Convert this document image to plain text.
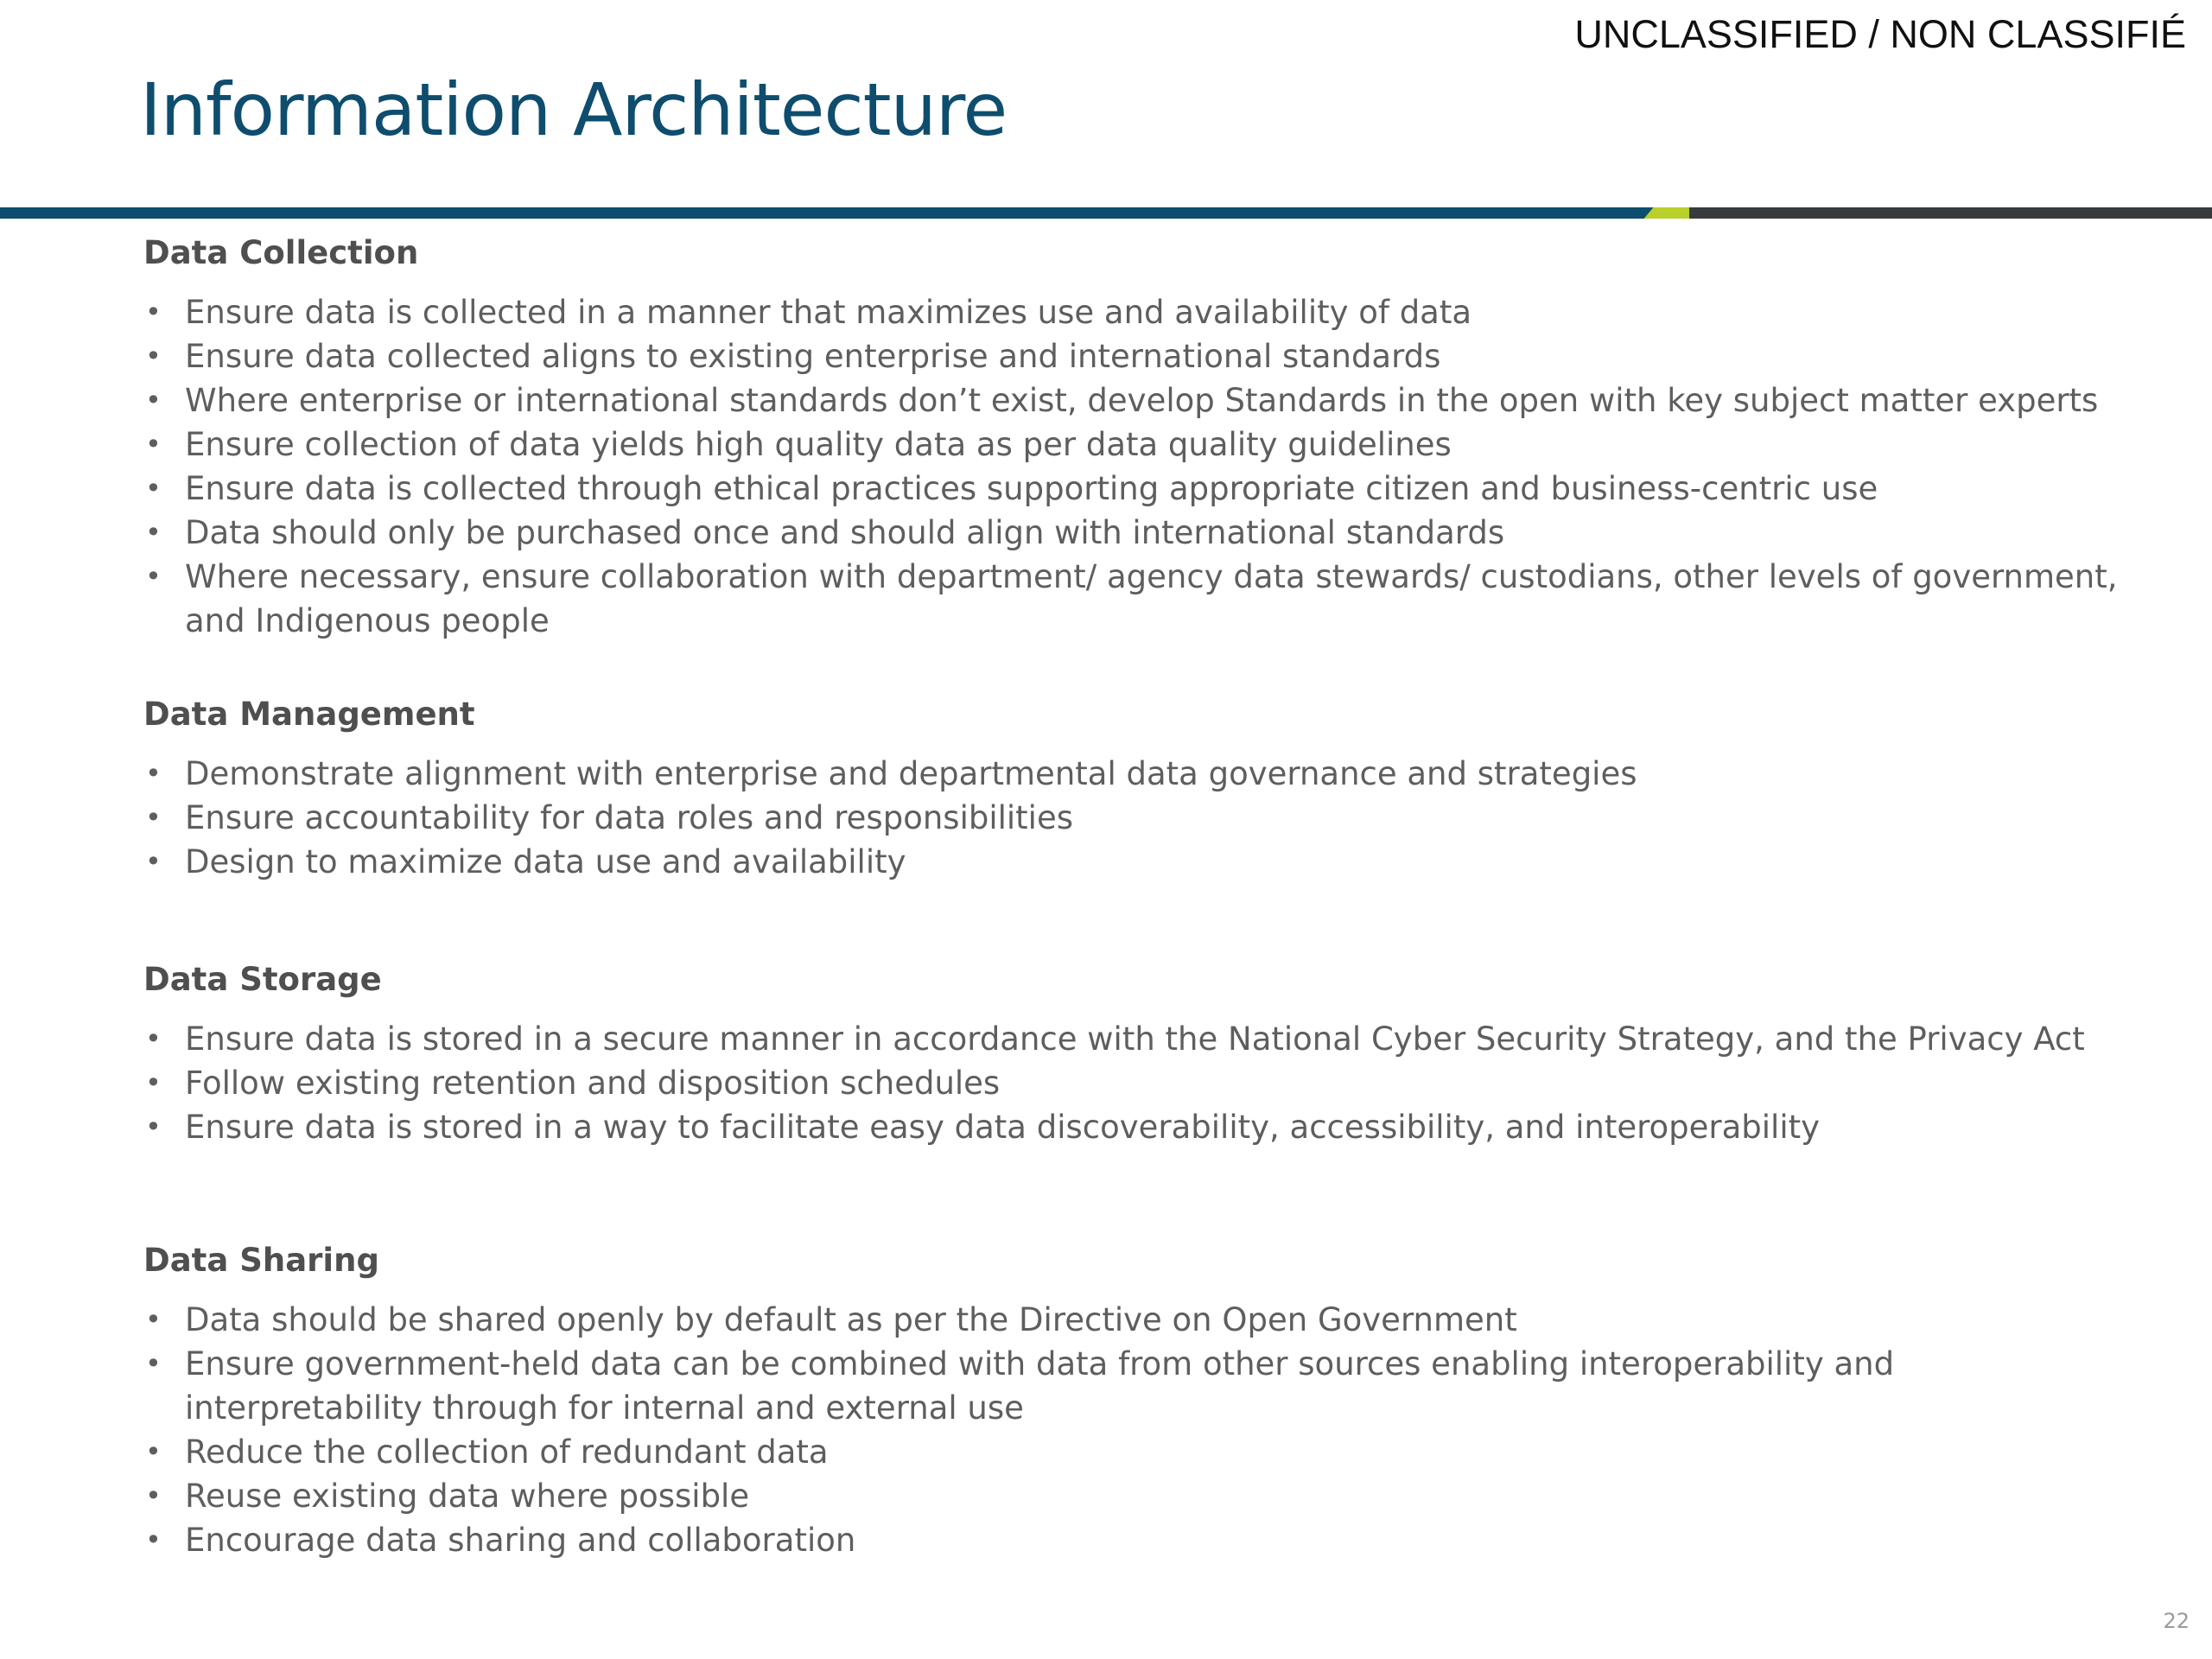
UNCLASSIFIED / NON CLASSIFIÉ
Information Architecture
Data Collection
• Ensure data is collected in a manner that maximizes use and availability of data
• Ensure data collected aligns to existing enterprise and international standards
• Where enterprise or international standards don’t exist, develop Standards in the open with key subject matter experts
• Ensure collection of data yields high quality data as per data quality guidelines
• Ensure data is collected through ethical practices supporting appropriate citizen and business-centric use
• Data should only be purchased once and should align with international standards
• Where necessary, ensure collaboration with department/ agency data stewards/ custodians, other levels of government, and Indigenous people
Data Management
• Demonstrate alignment with enterprise and departmental data governance and strategies
• Ensure accountability for data roles and responsibilities
• Design to maximize data use and availability
Data Storage
• Ensure data is stored in a secure manner in accordance with the National Cyber Security Strategy, and the Privacy Act
• Follow existing retention and disposition schedules
• Ensure data is stored in a way to facilitate easy data discoverability, accessibility, and interoperability
Data Sharing
• Data should be shared openly by default as per the Directive on Open Government
• Ensure government-held data can be combined with data from other sources enabling interoperability and interpretability through for internal and external use
• Reduce the collection of redundant data
• Reuse existing data where possible
• Encourage data sharing and collaboration
22
